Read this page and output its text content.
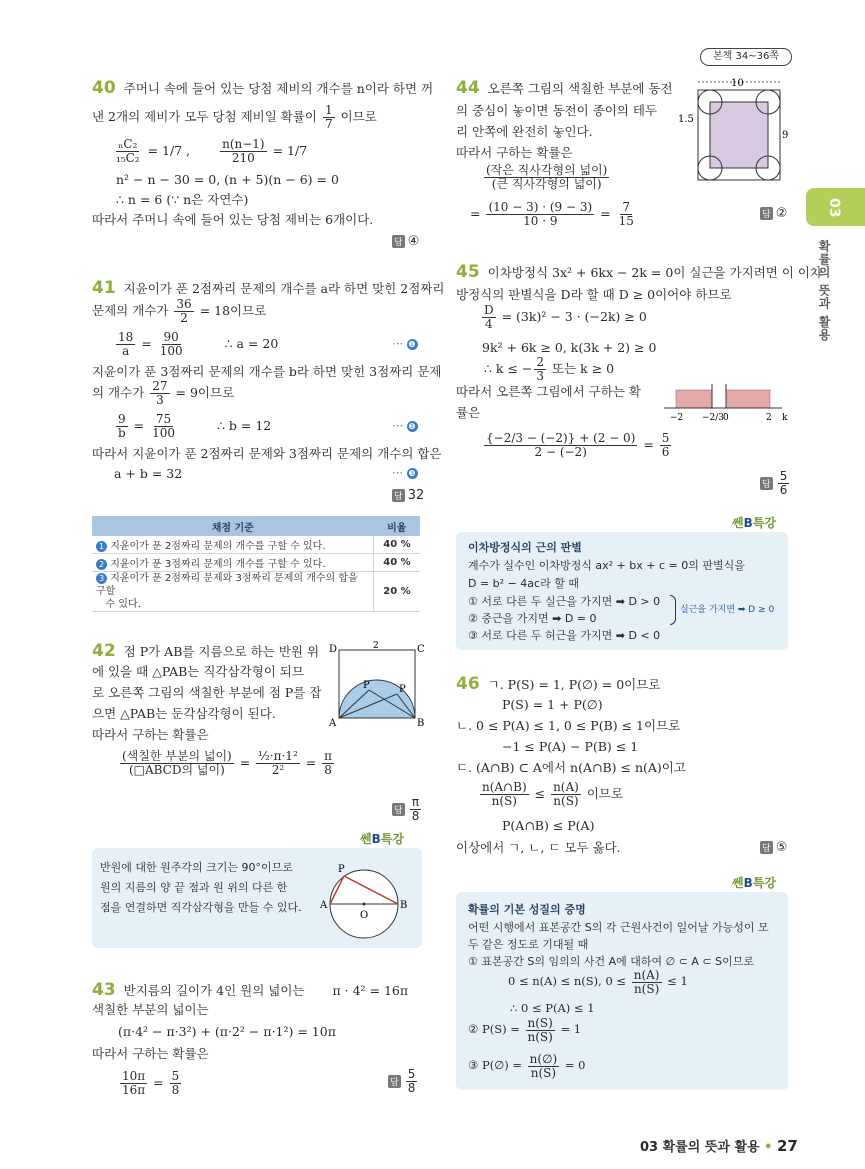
본책 34~36쪽
03
확률의 뜻과 활용
40 주머니 속에 들어 있는 당첨 제비의 개수를 n이라 하면 꺼
낸 2개의 제비가 모두 당첨 제비일 확률이 $\frac{1}{7}$ 이므로
$\frac{\text{ₙC₂}}{\text{₁₅C₂}} = 1/7$ , $\frac{n(n-1)}{210} = 1/7$
n² − n − 30 = 0, (n + 5)(n − 6) = 0
∴ n = 6 (∵ n은 자연수)
따라서 주머니 속에 들어 있는 당첨 제비는 6개이다.
답 ④
41 지윤이가 푼 2점짜리 문제의 개수를 a라 하면 맞힌 2점짜리
문제의 개수가 $\frac{36}{2} = 18$이므로
$\frac{18}{a} = \frac{90}{100}$	∴ a = 20	⋯ ❶
지윤이가 푼 3점짜리 문제의 개수를 b라 하면 맞힌 3점짜리 문제
의 개수가 $\frac{27}{3} = 9$이므로
$\frac{9}{b} = \frac{75}{100}$	∴ b = 12	⋯ ❷
따라서 지윤이가 푼 2점짜리 문제와 3점짜리 문제의 개수의 합은
a + b = 32	⋯ ❸
답 32
채점 기준	비율
1 지윤이가 푼 2점짜리 문제의 개수를 구할 수 있다.	40 %
2 지윤이가 푼 3점짜리 문제의 개수를 구할 수 있다.	40 %
3 지윤이가 푼 2점짜리 문제와 3점짜리 문제의 개수의 합을 구할
수 있다.	20 %
42 점 P가 AB를 지름으로 하는 반원 위
에 있을 때 △PAB는 직각삼각형이 되므
로 오른쪽 그림의 색칠한 부분에 점 P를 잡
으면 △PAB는 둔각삼각형이 된다.
따라서 구하는 확률은
D	C
A	B
P	P
2
$\frac{\text{(색칠한 부분의 넓이)}}{\text{(□ABCD의 넓이)}} = \frac{\text{½·π·1²}}{\text{2²}} = \frac{\pi}{8}$
답 $\frac{\pi}{8}$
쎈B특강
반원에 대한 원주각의 크기는 90°이므로
원의 지름의 양 끝 점과 원 위의 다른 한
점을 연결하면 직각삼각형을 만들 수 있다.
P
A	B
O
43 반지름의 길이가 4인 원의 넓이는 π · 4² = 16π
색칠한 부분의 넓이는
(π·4² − π·3²) + (π·2² − π·1²) = 10π
따라서 구하는 확률은
$\frac{10\pi}{16\pi} = \frac{5}{8}$	답 $\frac{5}{8}$
44 오른쪽 그림의 색칠한 부분에 동전
의 중심이 놓이면 동전이 종이의 테두
리 안쪽에 완전히 놓인다.
따라서 구하는 확률은
10
9
1.5
$\frac{\text{(작은 직사각형의 넓이)}}{\text{(큰 직사각형의 넓이)}}$
= $\frac{(10 - 3) \cdot (9 - 3)}{10 \cdot 9} = \frac{7}{15}$	답 ②
45 이차방정식 3x² + 6kx − 2k = 0이 실근을 가지려면 이 이차
방정식의 판별식을 D라 할 때 D ≥ 0이어야 하므로
$\frac{D}{4} = (3k)^2 - 3 \cdot (-2k) \ge 0$
9k² + 6k ≥ 0, k(3k + 2) ≥ 0
∴ k ≤ − $\frac{2}{3}$ 또는 k ≥ 0
따라서 오른쪽 그림에서 구하는 확
률은	−2 −2/3
0	2 k
$\frac{\{-2/3 - (-2)\} + (2 - 0)}{2 - (-2)} = \frac{5}{6}$
답 $\frac{5}{6}$
쎈B특강
이차방정식의 근의 판별
계수가 실수인 이차방정식 ax² + bx + c = 0의 판별식을
D = b² − 4ac라 할 때
① 서로 다른 두 실근을 가지면 ➡ D > 0
② 중근을 가지면 ➡ D = 0
③ 서로 다른 두 허근을 가지면 ➡ D < 0
실근을 가지면 ➡ D ≥ 0
46 ㄱ. P(S) = 1, P(∅) = 0이므로
P(S) = 1 + P(∅)
ㄴ. 0 ≤ P(A) ≤ 1, 0 ≤ P(B) ≤ 1이므로
−1 ≤ P(A) − P(B) ≤ 1
ㄷ. (A∩B) ⊂ A에서 n(A∩B) ≤ n(A)이고
$\frac{n(A\cap B)}{n(S)} \le \frac{n(A)}{n(S)}$ 이므로
P(A∩B) ≤ P(A)
이상에서 ㄱ, ㄴ, ㄷ 모두 옳다.	답 ⑤
쎈B특강
확률의 기본 성질의 증명
어떤 시행에서 표본공간 S의 각 근원사건이 일어날 가능성이 모
두 같은 정도로 기대될 때
① 표본공간 S의 임의의 사건 A에 대하여 ∅ ⊂ A ⊂ S이므로
0 ≤ n(A) ≤ n(S), $0 \le \frac{n(A)}{n(S)} \le 1$
∴ 0 ≤ P(A) ≤ 1
② $P(S) = \frac{n(S)}{n(S)} = 1$
③ P(∅) = $\frac{n(\emptyset)}{n(S)} = 0$
03 확률의 뜻과 활용 • 27
